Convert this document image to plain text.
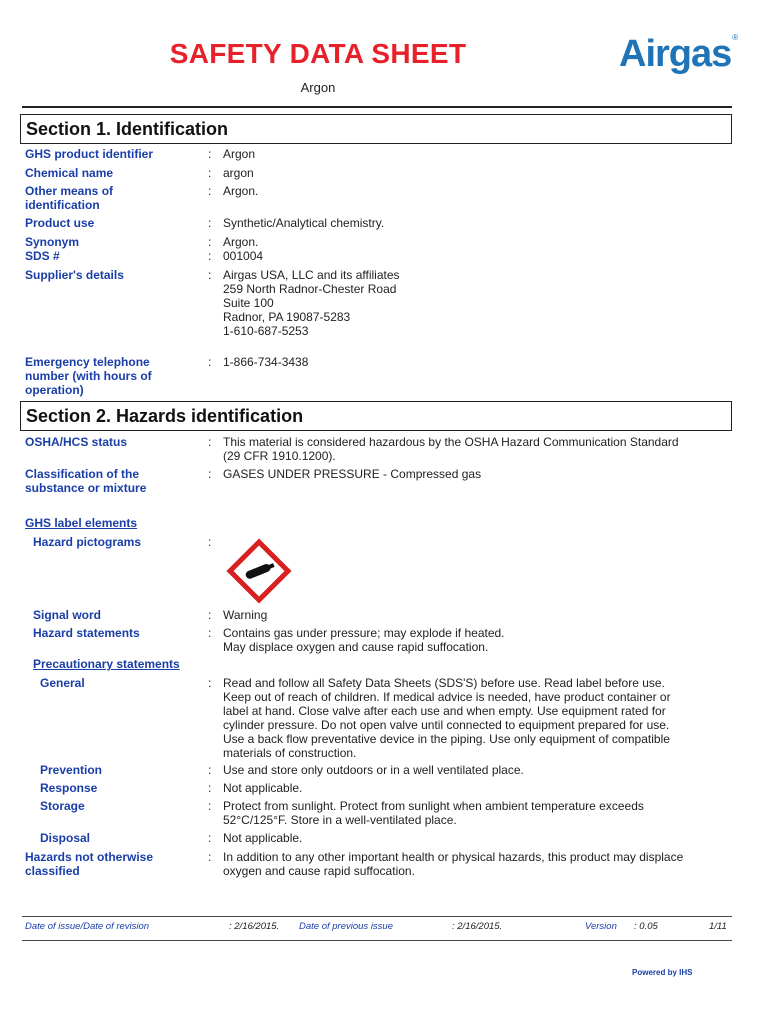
SAFETY DATA SHEET
Argon
Airgas®
Section 1. Identification
GHS product identifier	: Argon
Chemical name	: argon
Other means of
identification
: Argon.
Product use	: Synthetic/Analytical chemistry.
Synonym	: Argon.
SDS #	: 001004
Supplier's details	: Airgas USA, LLC and its affiliates
259 North Radnor-Chester Road
Suite 100
Radnor, PA 19087-5283
1-610-687-5253
Emergency telephone
number (with hours of
operation)
: 1-866-734-3438
Section 2. Hazards identification
OSHA/HCS status	: This material is considered hazardous by the OSHA Hazard Communication Standard
(29 CFR 1910.1200).
Classification of the
substance or mixture
: GASES UNDER PRESSURE - Compressed gas
GHS label elements
Hazard pictograms	:
Signal word	: Warning
Hazard statements	: Contains gas under pressure; may explode if heated.
May displace oxygen and cause rapid suffocation.
Precautionary statements
General	: Read and follow all Safety Data Sheets (SDS'S) before use. Read label before use.
Keep out of reach of children. If medical advice is needed, have product container or
label at hand. Close valve after each use and when empty. Use equipment rated for
cylinder pressure. Do not open valve until connected to equipment prepared for use.
Use a back flow preventative device in the piping. Use only equipment of compatible
materials of construction.
Prevention	: Use and store only outdoors or in a well ventilated place.
Response	: Not applicable.
Storage	: Protect from sunlight. Protect from sunlight when ambient temperature exceeds
52°C/125°F. Store in a well-ventilated place.
Disposal	: Not applicable.
Hazards not otherwise
classified
: In addition to any other important health or physical hazards, this product may displace
oxygen and cause rapid suffocation.
Date of issue/Date of revision	: 2/16/2015. Date of previous issue	: 2/16/2015.	Version : 0.05	1/11
Powered by IHS
